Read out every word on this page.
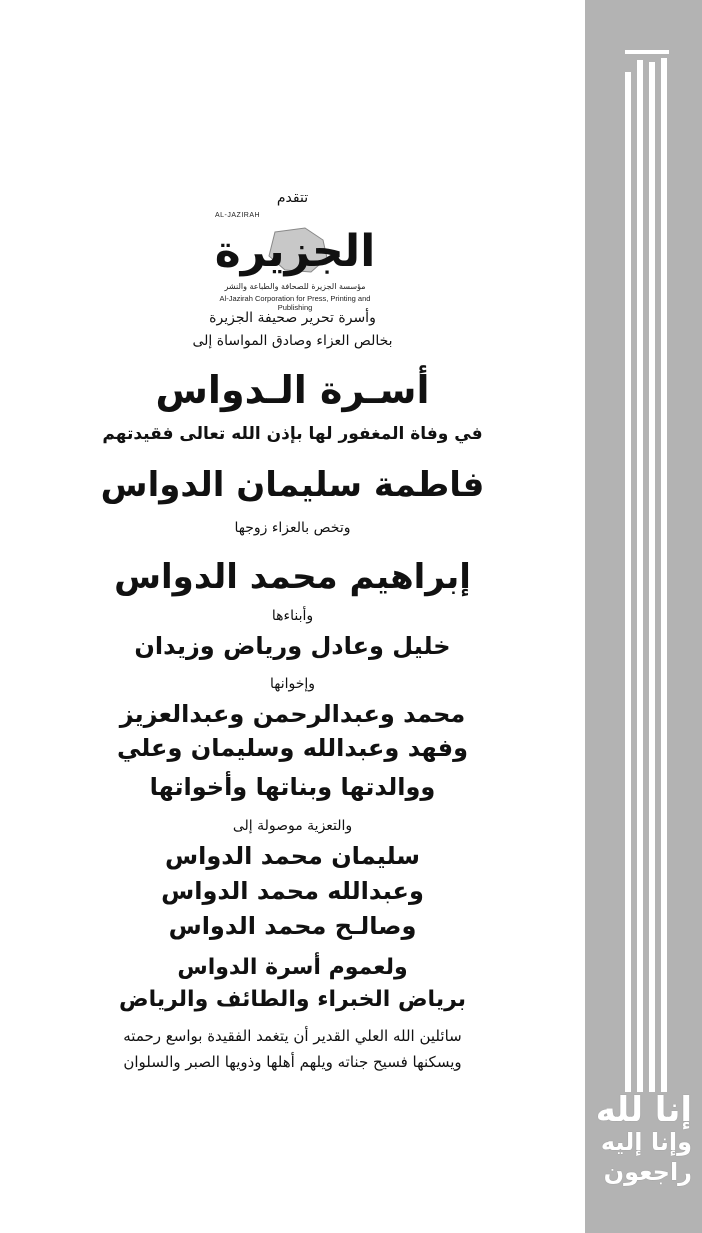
تتقدم
AL-JAZIRAH
الجزيرة
مؤسسة الجزيرة للصحافة والطباعة والنشر
Al-Jazirah Corporation for Press, Printing and Publishing
وأسرة تحرير صحيفة الجزيرة
بخالص العزاء وصادق المواساة إلى
أسـرة الـدواس
في وفاة المغفور لها بإذن الله تعالى فقيدتهم
فاطمة سليمان الدواس
وتخص بالعزاء زوجها
إبراهيم محمد الدواس
وأبناءها
خليل وعادل ورياض وزيدان
وإخوانها
محمد وعبدالرحمن وعبدالعزيز
وفهد وعبدالله وسليمان وعلي
ووالدتها وبناتها وأخواتها
والتعزية موصولة إلى
سليمان محمد الدواس
وعبدالله محمد الدواس
وصالـح محمد الدواس
ولعموم أسرة الدواس
برياض الخبراء والطائف والرياض
سائلين الله العلي القدير أن يتغمد الفقيدة بواسع رحمته
ويسكنها فسيح جناته ويلهم أهلها وذويها الصبر والسلوان
إنا لله
وإنا إليه
راجعون
